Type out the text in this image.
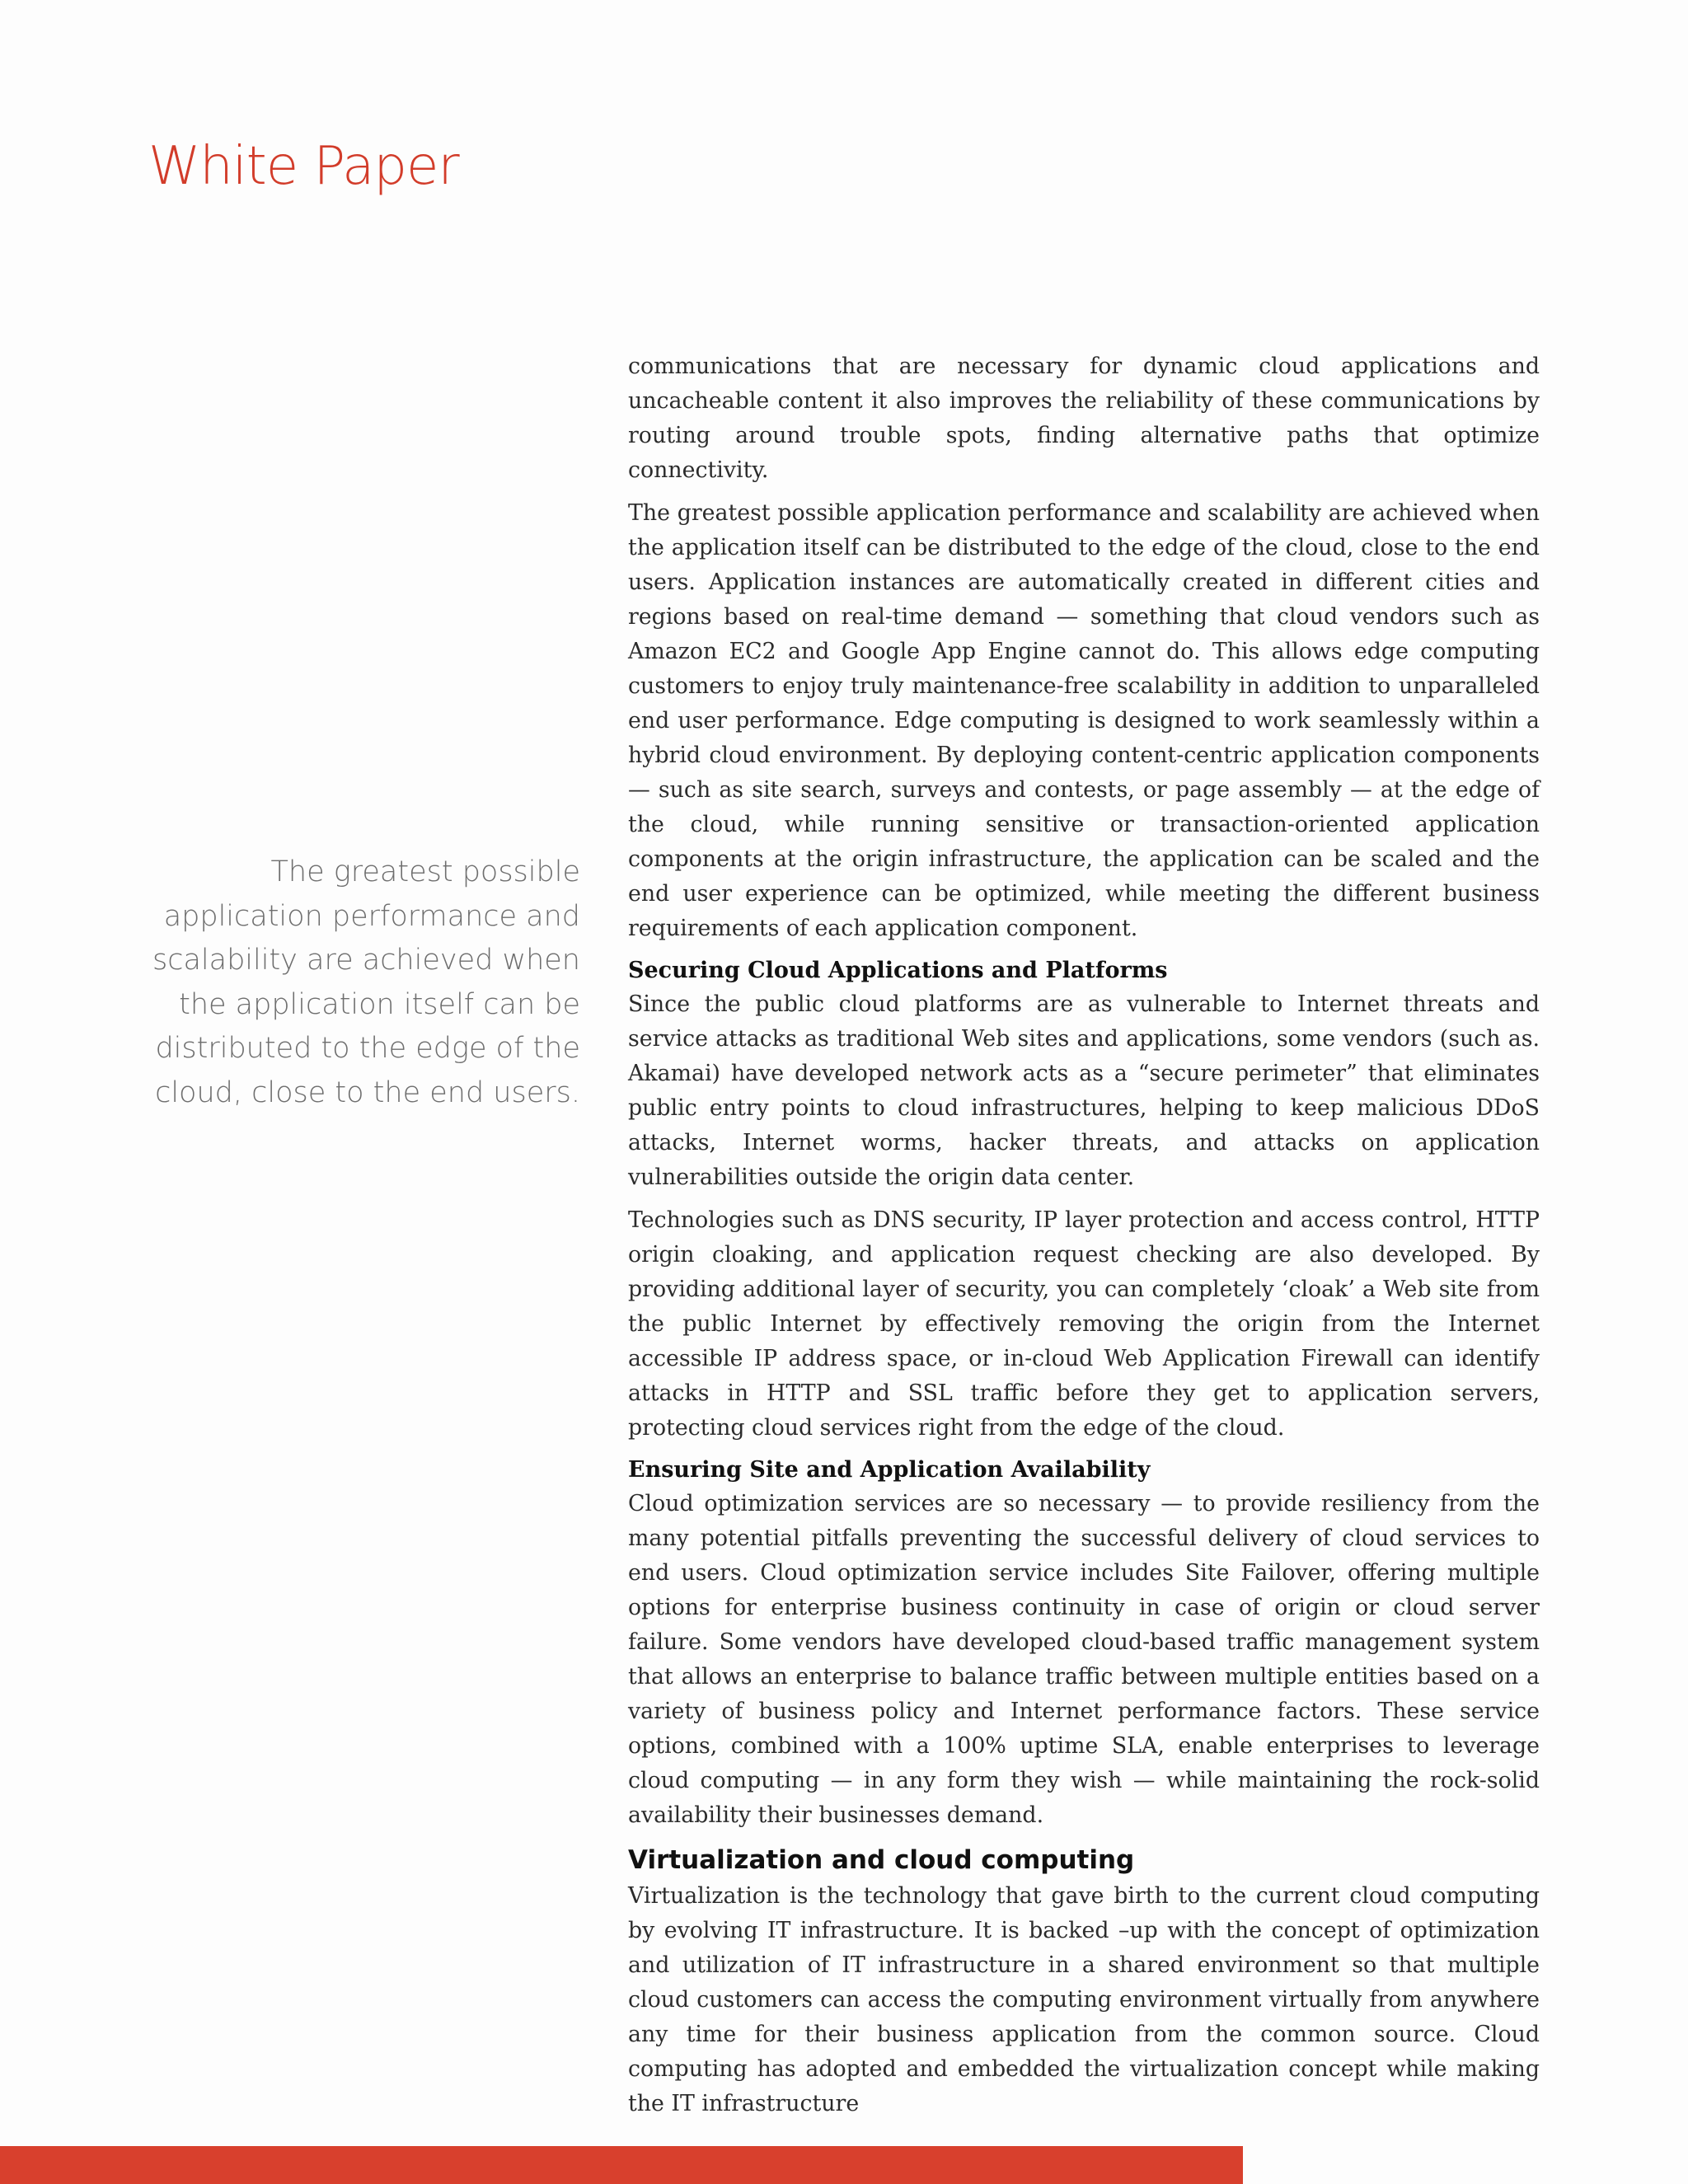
White Paper
The greatest possible application performance and scalability are achieved when the application itself can be distributed to the edge of the cloud, close to the end users.

communications that are necessary for dynamic cloud applications and uncacheable content it also improves the reliability of these communications by routing around trouble spots, finding alternative paths that optimize connectivity.

The greatest possible application performance and scalability are achieved when the application itself can be distributed to the edge of the cloud, close to the end users. Application instances are automatically created in different cities and regions based on real-time demand — something that cloud vendors such as Amazon EC2 and Google App Engine cannot do. This allows edge computing customers to enjoy truly maintenance-free scalability in addition to unparalleled end user performance. Edge computing is designed to work seamlessly within a hybrid cloud environment. By deploying content-centric application components — such as site search, surveys and contests, or page assembly — at the edge of the cloud, while running sensitive or transaction-oriented application components at the origin infrastructure, the application can be scaled and the end user experience can be optimized, while meeting the different business requirements of each application component.

Securing Cloud Applications and Platforms

Since the public cloud platforms are as vulnerable to Internet threats and service attacks as traditional Web sites and applications, some vendors (such as. Akamai) have developed network acts as a “secure perimeter” that eliminates public entry points to cloud infrastructures, helping to keep malicious DDoS attacks, Internet worms, hacker threats, and attacks on application vulnerabilities outside the origin data center.

Technologies such as DNS security, IP layer protection and access control, HTTP origin cloaking, and application request checking are also developed. By providing additional layer of security, you can completely ‘cloak’ a Web site from the public Internet by effectively removing the origin from the Internet accessible IP address space, or in-cloud Web Application Firewall can identify attacks in HTTP and SSL traffic before they get to application servers, protecting cloud services right from the edge of the cloud.

Ensuring Site and Application Availability

Cloud optimization services are so necessary — to provide resiliency from the many potential pitfalls preventing the successful delivery of cloud services to end users. Cloud optimization service includes Site Failover, offering multiple options for enterprise business continuity in case of origin or cloud server failure. Some vendors have developed cloud-based traffic management system that allows an enterprise to balance traffic between multiple entities based on a variety of business policy and Internet performance factors. These service options, combined with a 100% uptime SLA, enable enterprises to leverage cloud computing — in any form they wish — while maintaining the rock-solid availability their businesses demand.

Virtualization and cloud computing

Virtualization is the technology that gave birth to the current cloud computing by evolving IT infrastructure. It is backed –up with the concept of optimization and utilization of IT infrastructure in a shared environment so that multiple cloud customers can access the computing environment virtually from anywhere any time for their business application from the common source. Cloud computing has adopted and embedded the virtualization concept while making the IT infrastructure
